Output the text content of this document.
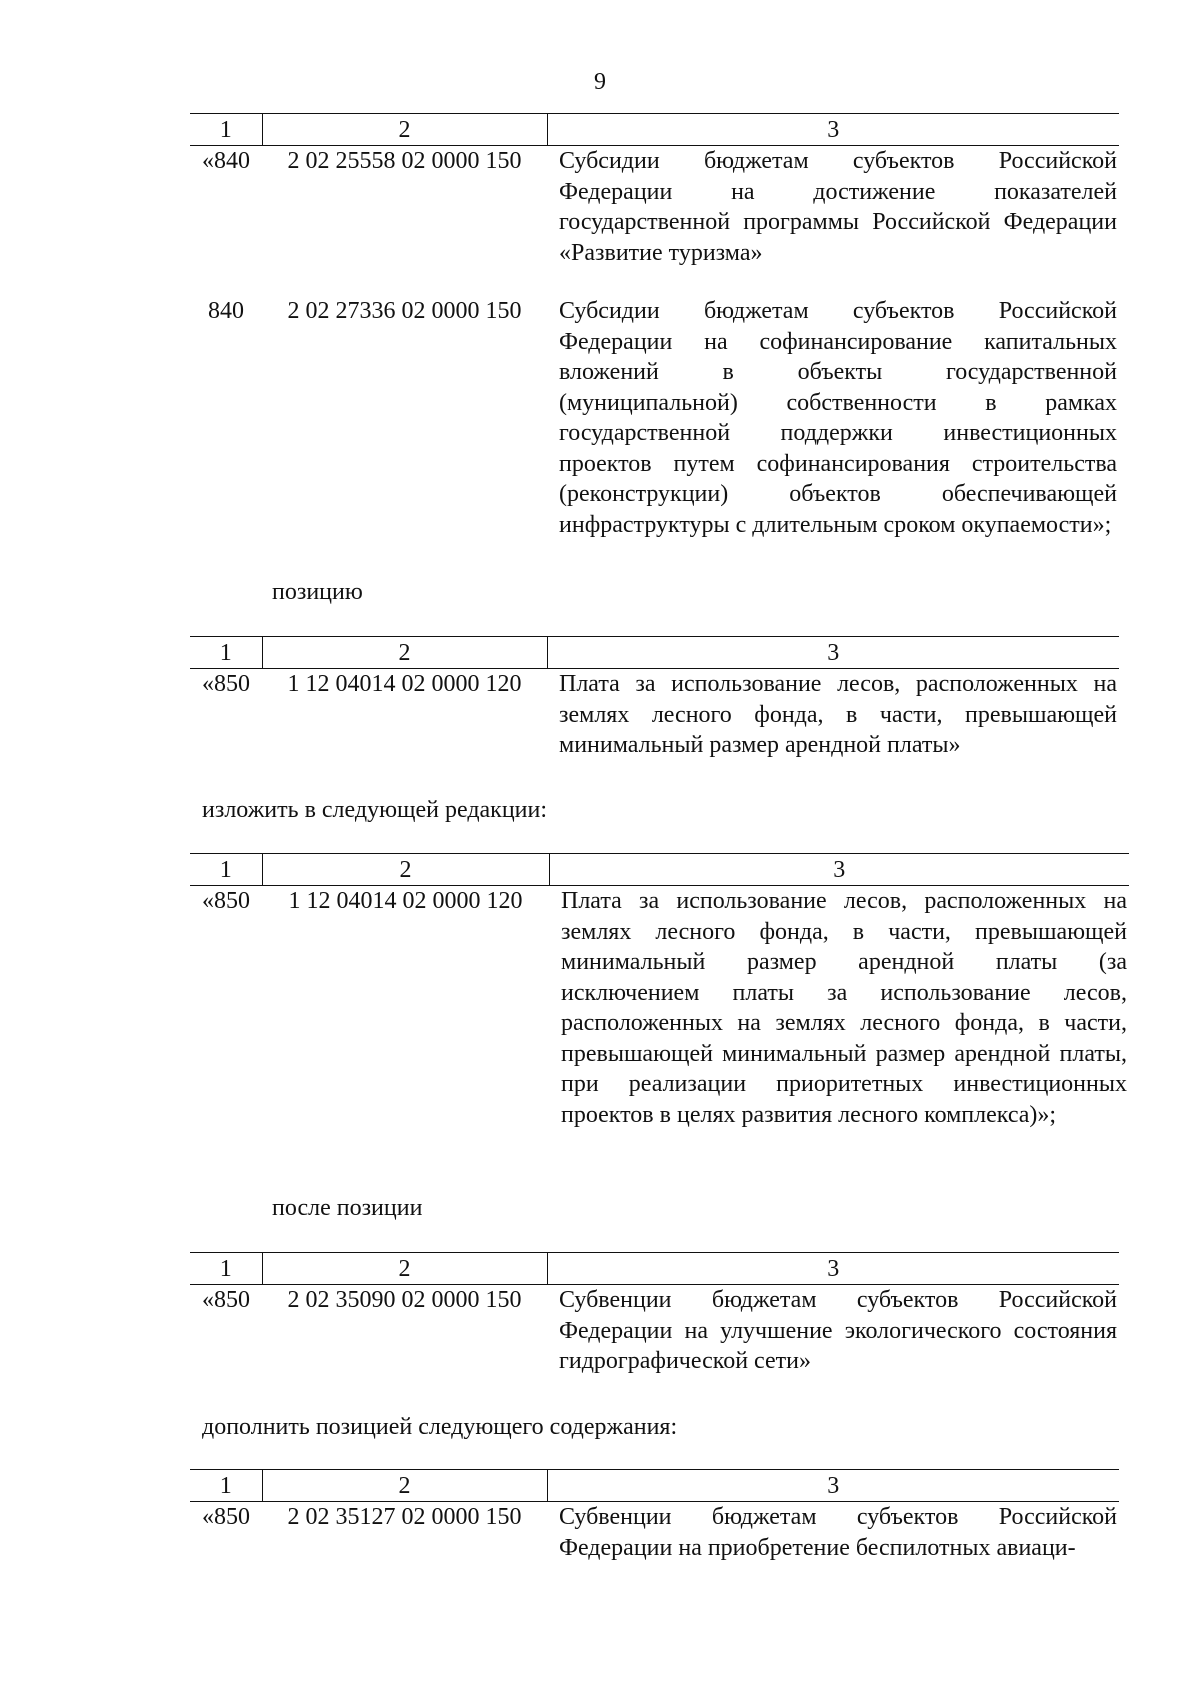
9
1	2	3
«840	2 02 25558 02 0000 150	Субсидии бюджетам субъектов Российской Федерации на достижение показателей государственной программы Российской Федерации «Развитие туризма»

840	2 02 27336 02 0000 150	Субсидии бюджетам субъектов Российской Федерации на софинансирование капитальных вложений в объекты государственной (муниципальной) собственности в рамках государственной поддержки инвестиционных проектов путем софинансирования строительства (реконструкции) объектов обеспечивающей инфраструктуры с длительным сроком окупаемости»;
позицию
1	2	3
«850	1 12 04014 02 0000 120	Плата за использование лесов, расположенных на землях лесного фонда, в части, превышающей минимальный размер арендной платы»
изложить в следующей редакции:
1	2	3
«850	1 12 04014 02 0000 120	Плата за использование лесов, расположенных на землях лесного фонда, в части, превышающей минимальный размер арендной платы (за исключением платы за использование лесов, расположенных на землях лесного фонда, в части, превышающей минимальный размер арендной платы, при реализации приоритетных инвестиционных проектов в целях развития лесного комплекса)»;
после позиции
1	2	3
«850	2 02 35090 02 0000 150	Субвенции бюджетам субъектов Российской Федерации на улучшение экологического состояния гидрографической сети»
дополнить позицией следующего содержания:
1	2	3
«850	2 02 35127 02 0000 150	Субвенции бюджетам субъектов Российской Федерации на приобретение беспилотных авиаци-
